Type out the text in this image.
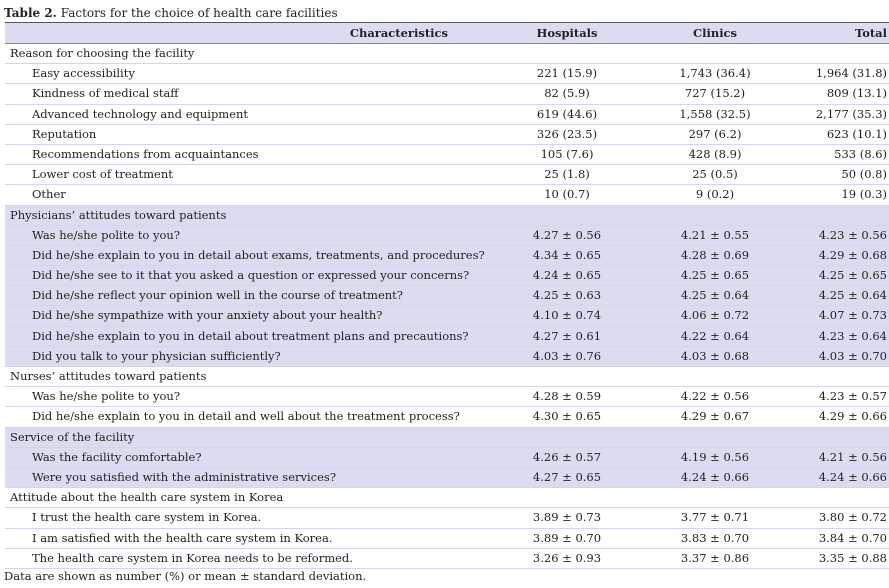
Table 2. Factors for the choice of health care facilities
Characteristics	Hospitals	Clinics	Total
Reason for choosing the facility
Easy accessibility	221 (15.9)	1,743 (36.4)	1,964 (31.8)
Kindness of medical staff	82 (5.9)	727 (15.2)	809 (13.1)
Advanced technology and equipment	619 (44.6)	1,558 (32.5)	2,177 (35.3)
Reputation	326 (23.5)	297 (6.2)	623 (10.1)
Recommendations from acquaintances	105 (7.6)	428 (8.9)	533 (8.6)
Lower cost of treatment	25 (1.8)	25 (0.5)	50 (0.8)
Other	10 (0.7)	9 (0.2)	19 (0.3)
Physicians’ attitudes toward patients
Was he/she polite to you?	4.27 ± 0.56	4.21 ± 0.55	4.23 ± 0.56
Did he/she explain to you in detail about exams, treatments, and procedures?	4.34 ± 0.65	4.28 ± 0.69	4.29 ± 0.68
Did he/she see to it that you asked a question or expressed your concerns?	4.24 ± 0.65	4.25 ± 0.65	4.25 ± 0.65
Did he/she reflect your opinion well in the course of treatment?	4.25 ± 0.63	4.25 ± 0.64	4.25 ± 0.64
Did he/she sympathize with your anxiety about your health?	4.10 ± 0.74	4.06 ± 0.72	4.07 ± 0.73
Did he/she explain to you in detail about treatment plans and precautions?	4.27 ± 0.61	4.22 ± 0.64	4.23 ± 0.64
Did you talk to your physician sufficiently?	4.03 ± 0.76	4.03 ± 0.68	4.03 ± 0.70
Nurses’ attitudes toward patients
Was he/she polite to you?	4.28 ± 0.59	4.22 ± 0.56	4.23 ± 0.57
Did he/she explain to you in detail and well about the treatment process?	4.30 ± 0.65	4.29 ± 0.67	4.29 ± 0.66
Service of the facility
Was the facility comfortable?	4.26 ± 0.57	4.19 ± 0.56	4.21 ± 0.56
Were you satisfied with the administrative services?	4.27 ± 0.65	4.24 ± 0.66	4.24 ± 0.66
Attitude about the health care system in Korea
I trust the health care system in Korea.	3.89 ± 0.73	3.77 ± 0.71	3.80 ± 0.72
I am satisfied with the health care system in Korea.	3.89 ± 0.70	3.83 ± 0.70	3.84 ± 0.70
The health care system in Korea needs to be reformed.	3.26 ± 0.93	3.37 ± 0.86	3.35 ± 0.88
Data are shown as number (%) or mean ± standard deviation.
